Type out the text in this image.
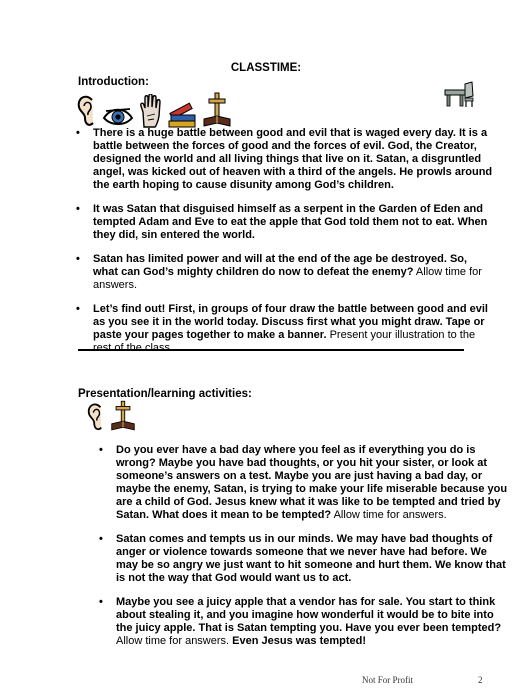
CLASSTIME:
Introduction:
• There is a huge battle between good and evil that is waged every day. It is a battle between the forces of good and the forces of evil. God, the Creator, designed the world and all living things that live on it. Satan, a disgruntled angel, was kicked out of heaven with a third of the angels. He prowls around the earth hoping to cause disunity among God’s children.
• It was Satan that disguised himself as a serpent in the Garden of Eden and tempted Adam and Eve to eat the apple that God told them not to eat. When they did, sin entered the world.
• Satan has limited power and will at the end of the age be destroyed. So, what can God’s mighty children do now to defeat the enemy? Allow time for answers.
• Let’s find out! First, in groups of four draw the battle between good and evil as you see it in the world today. Discuss first what you might draw. Tape or paste your pages together to make a banner. Present your illustration to the rest of the class.
Presentation/learning activities:
• Do you ever have a bad day where you feel as if everything you do is wrong? Maybe you have bad thoughts, or you hit your sister, or look at someone’s answers on a test. Maybe you are just having a bad day, or maybe the enemy, Satan, is trying to make your life miserable because you are a child of God. Jesus knew what it was like to be tempted and tried by Satan. What does it mean to be tempted? Allow time for answers.
• Satan comes and tempts us in our minds. We may have bad thoughts of anger or violence towards someone that we never have had before. We may be so angry we just want to hit someone and hurt them. We know that is not the way that God would want us to act.
• Maybe you see a juicy apple that a vendor has for sale. You start to think about stealing it, and you imagine how wonderful it would be to bite into the juicy apple. That is Satan tempting you. Have you ever been tempted? Allow time for answers. Even Jesus was tempted!
Not For Profit	2
